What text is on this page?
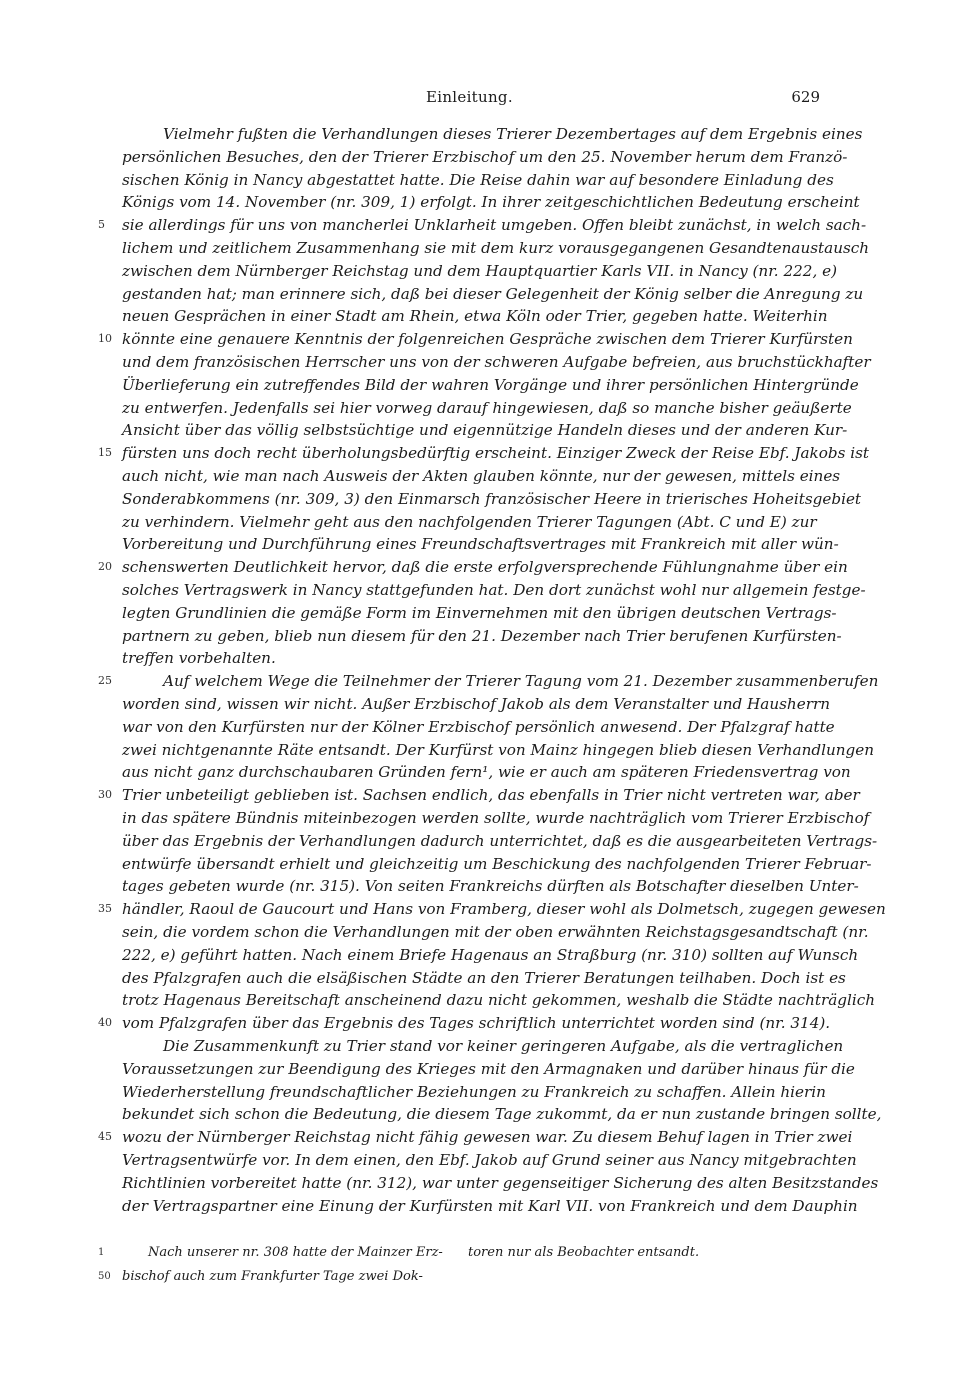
Einleitung.	629
Vielmehr fußten die Verhandlungen dieses Trierer Dezembertages auf dem Ergebnis eines
persönlichen Besuches, den der Trierer Erzbischof um den 25. November herum dem Franzö-
sischen König in Nancy abgestattet hatte. Die Reise dahin war auf besondere Einladung des
Königs vom 14. November (nr. 309, 1) erfolgt. In ihrer zeitgeschichtlichen Bedeutung erscheint
sie allerdings für uns von mancherlei Unklarheit umgeben. Offen bleibt zunächst, in welch sach-
5
lichem und zeitlichem Zusammenhang sie mit dem kurz vorausgegangenen Gesandtenaustausch
zwischen dem Nürnberger Reichstag und dem Hauptquartier Karls VII. in Nancy (nr. 222, e)
gestanden hat; man erinnere sich, daß bei dieser Gelegenheit der König selber die Anregung zu
neuen Gesprächen in einer Stadt am Rhein, etwa Köln oder Trier, gegeben hatte. Weiterhin
könnte eine genauere Kenntnis der folgenreichen Gespräche zwischen dem Trierer Kurfürsten
10
und dem französischen Herrscher uns von der schweren Aufgabe befreien, aus bruchstückhafter
Überlieferung ein zutreffendes Bild der wahren Vorgänge und ihrer persönlichen Hintergründe
zu entwerfen. Jedenfalls sei hier vorweg darauf hingewiesen, daß so manche bisher geäußerte
Ansicht über das völlig selbstsüchtige und eigennützige Handeln dieses und der anderen Kur-
fürsten uns doch recht überholungsbedürftig erscheint. Einziger Zweck der Reise Ebf. Jakobs ist
15
auch nicht, wie man nach Ausweis der Akten glauben könnte, nur der gewesen, mittels eines
Sonderabkommens (nr. 309, 3) den Einmarsch französischer Heere in trierisches Hoheitsgebiet
zu verhindern. Vielmehr geht aus den nachfolgenden Trierer Tagungen (Abt. C und E) zur
Vorbereitung und Durchführung eines Freundschaftsvertrages mit Frankreich mit aller wün-
schenswerten Deutlichkeit hervor, daß die erste erfolgversprechende Fühlungnahme über ein
20
solches Vertragswerk in Nancy stattgefunden hat. Den dort zunächst wohl nur allgemein festge-
legten Grundlinien die gemäße Form im Einvernehmen mit den übrigen deutschen Vertrags-
partnern zu geben, blieb nun diesem für den 21. Dezember nach Trier berufenen Kurfürsten-
treffen vorbehalten.
Auf welchem Wege die Teilnehmer der Trierer Tagung vom 21. Dezember zusammenberufen
25
worden sind, wissen wir nicht. Außer Erzbischof Jakob als dem Veranstalter und Hausherrn
war von den Kurfürsten nur der Kölner Erzbischof persönlich anwesend. Der Pfalzgraf hatte
zwei nichtgenannte Räte entsandt. Der Kurfürst von Mainz hingegen blieb diesen Verhandlungen
aus nicht ganz durchschaubaren Gründen fern¹, wie er auch am späteren Friedensvertrag von
Trier unbeteiligt geblieben ist. Sachsen endlich, das ebenfalls in Trier nicht vertreten war, aber
30
in das spätere Bündnis miteinbezogen werden sollte, wurde nachträglich vom Trierer Erzbischof
über das Ergebnis der Verhandlungen dadurch unterrichtet, daß es die ausgearbeiteten Vertrags-
entwürfe übersandt erhielt und gleichzeitig um Beschickung des nachfolgenden Trierer Februar-
tages gebeten wurde (nr. 315). Von seiten Frankreichs dürften als Botschafter dieselben Unter-
händler, Raoul de Gaucourt und Hans von Framberg, dieser wohl als Dolmetsch, zugegen gewesen
35
sein, die vordem schon die Verhandlungen mit der oben erwähnten Reichstagsgesandtschaft (nr.
222, e) geführt hatten. Nach einem Briefe Hagenaus an Straßburg (nr. 310) sollten auf Wunsch
des Pfalzgrafen auch die elsäßischen Städte an den Trierer Beratungen teilhaben. Doch ist es
trotz Hagenaus Bereitschaft anscheinend dazu nicht gekommen, weshalb die Städte nachträglich
vom Pfalzgrafen über das Ergebnis des Tages schriftlich unterrichtet worden sind (nr. 314).
40
Die Zusammenkunft zu Trier stand vor keiner geringeren Aufgabe, als die vertraglichen
Voraussetzungen zur Beendigung des Krieges mit den Armagnaken und darüber hinaus für die
Wiederherstellung freundschaftlicher Beziehungen zu Frankreich zu schaffen. Allein hierin
bekundet sich schon die Bedeutung, die diesem Tage zukommt, da er nun zustande bringen sollte,
wozu der Nürnberger Reichstag nicht fähig gewesen war. Zu diesem Behuf lagen in Trier zwei
45
Vertragsentwürfe vor. In dem einen, den Ebf. Jakob auf Grund seiner aus Nancy mitgebrachten
Richtlinien vorbereitet hatte (nr. 312), war unter gegenseitiger Sicherung des alten Besitzstandes
der Vertragspartner eine Einung der Kurfürsten mit Karl VII. von Frankreich und dem Dauphin
1	Nach unserer nr. 308 hatte der Mainzer Erz- toren nur als Beobachter entsandt.
50 bischof auch zum Frankfurter Tage zwei Dok-
